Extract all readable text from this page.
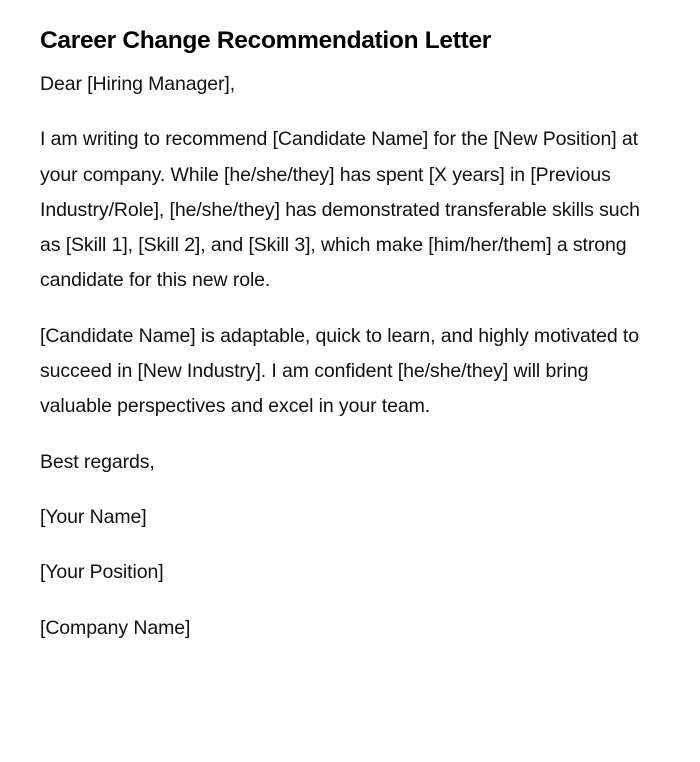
Career Change Recommendation Letter

Dear [Hiring Manager],

I am writing to recommend [Candidate Name] for the [New Position] at your company. While [he/she/they] has spent [X years] in [Previous Industry/Role], [he/she/they] has demonstrated transferable skills such as [Skill 1], [Skill 2], and [Skill 3], which make [him/her/them] a strong candidate for this new role.

[Candidate Name] is adaptable, quick to learn, and highly motivated to succeed in [New Industry]. I am confident [he/she/they] will bring valuable perspectives and excel in your team.

Best regards,

[Your Name]

[Your Position]

[Company Name]
